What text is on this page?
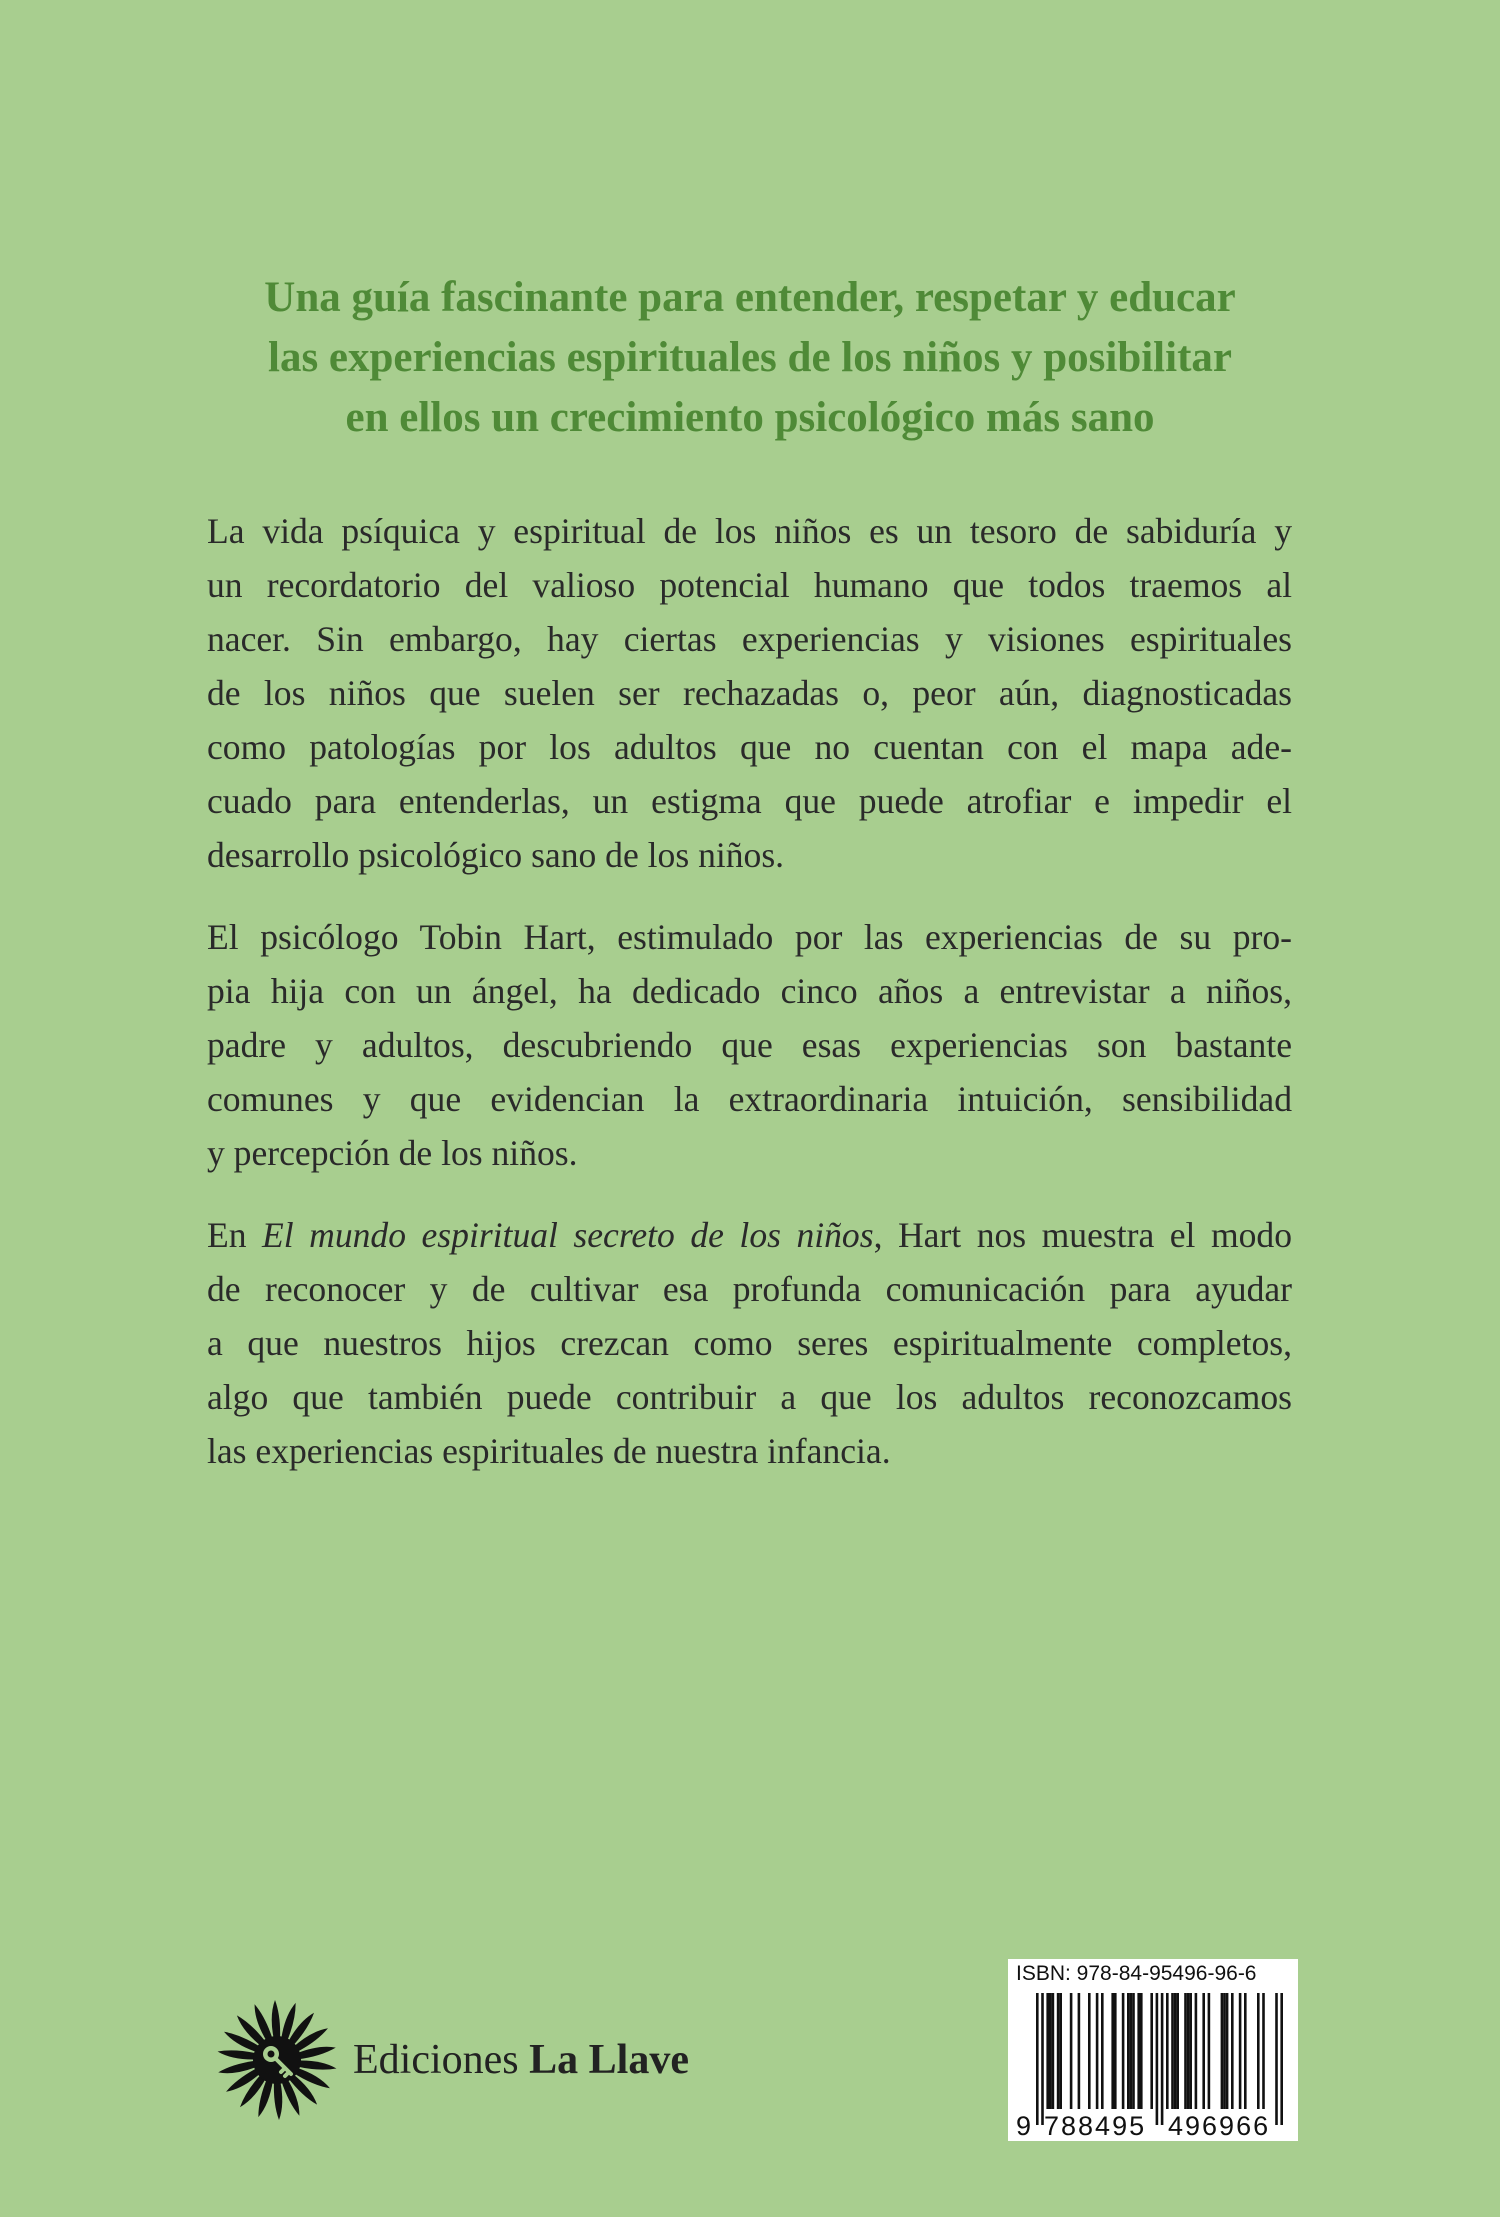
Una guía fascinante para entender, respetar y educar
las experiencias espirituales de los niños y posibilitar
en ellos un crecimiento psicológico más sano

La vida psíquica y espiritual de los niños es un tesoro de sabiduría y
un recordatorio del valioso potencial humano que todos traemos al
nacer. Sin embargo, hay ciertas experiencias y visiones espirituales
de los niños que suelen ser rechazadas o, peor aún, diagnosticadas
como patologías por los adultos que no cuentan con el mapa ade-
cuado para entenderlas, un estigma que puede atrofiar e impedir el
desarrollo psicológico sano de los niños.

El psicólogo Tobin Hart, estimulado por las experiencias de su pro-
pia hija con un ángel, ha dedicado cinco años a entrevistar a niños,
padre y adultos, descubriendo que esas experiencias son bastante
comunes y que evidencian la extraordinaria intuición, sensibilidad
y percepción de los niños.

En El mundo espiritual secreto de los niños, Hart nos muestra el modo
de reconocer y de cultivar esa profunda comunicación para ayudar
a que nuestros hijos crezcan como seres espiritualmente completos,
algo que también puede contribuir a que los adultos reconozcamos
las experiencias espirituales de nuestra infancia.

Ediciones La Llave
9 788495 496966
ISBN: 978-84-95496-96-6
